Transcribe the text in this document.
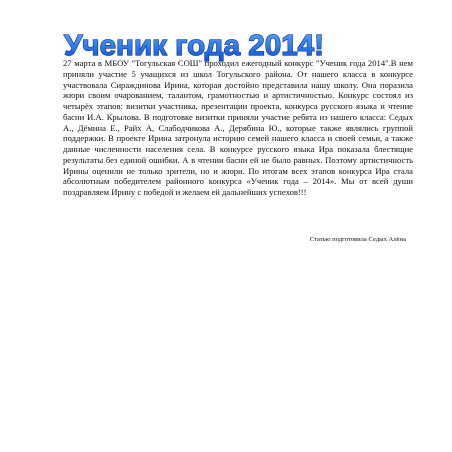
Ученик года 2014!

27 марта в МБОУ "Тогульская СОШ" проходил ежегодный конкурс "Ученик года 2014".В нем приняли участие 5 учащихся из школ Тогульского района. От нашего класса в конкурсе участвовала Сираждинова Ирина, которая достойно представила нашу школу. Она поразила жюри своим очарованием, талантом, грамотностью и артистичностью. Конкурс состоял из четырёх этапов: визитки участника, презентации проекта, конкурса русского языка и чтение басни И.А. Крылова. В подготовке визитки приняли участие ребята из нашего класса: Седых А., Дёмина Е., Райх А, Слабодчикова А., Дерябина Ю., которые также являлись группой поддержки. В проекте Ирина затронула историю семей нашего класса и своей семьи, а также данные численности населения села. В конкурсе русского языка Ира показала блестящие результаты без единой ошибки. А в чтении басни ей не было равных. Поэтому артистичность Ирины оценили не только зрители, но и жюри. По итогам всех этапов конкурса Ира стала абсолютным победителем районного конкурса «Ученик года – 2014». Мы от всей души поздравляем Ирину с победой и желаем ей дальнейших успехов!!!

Статью подготовила Седых Алёна
